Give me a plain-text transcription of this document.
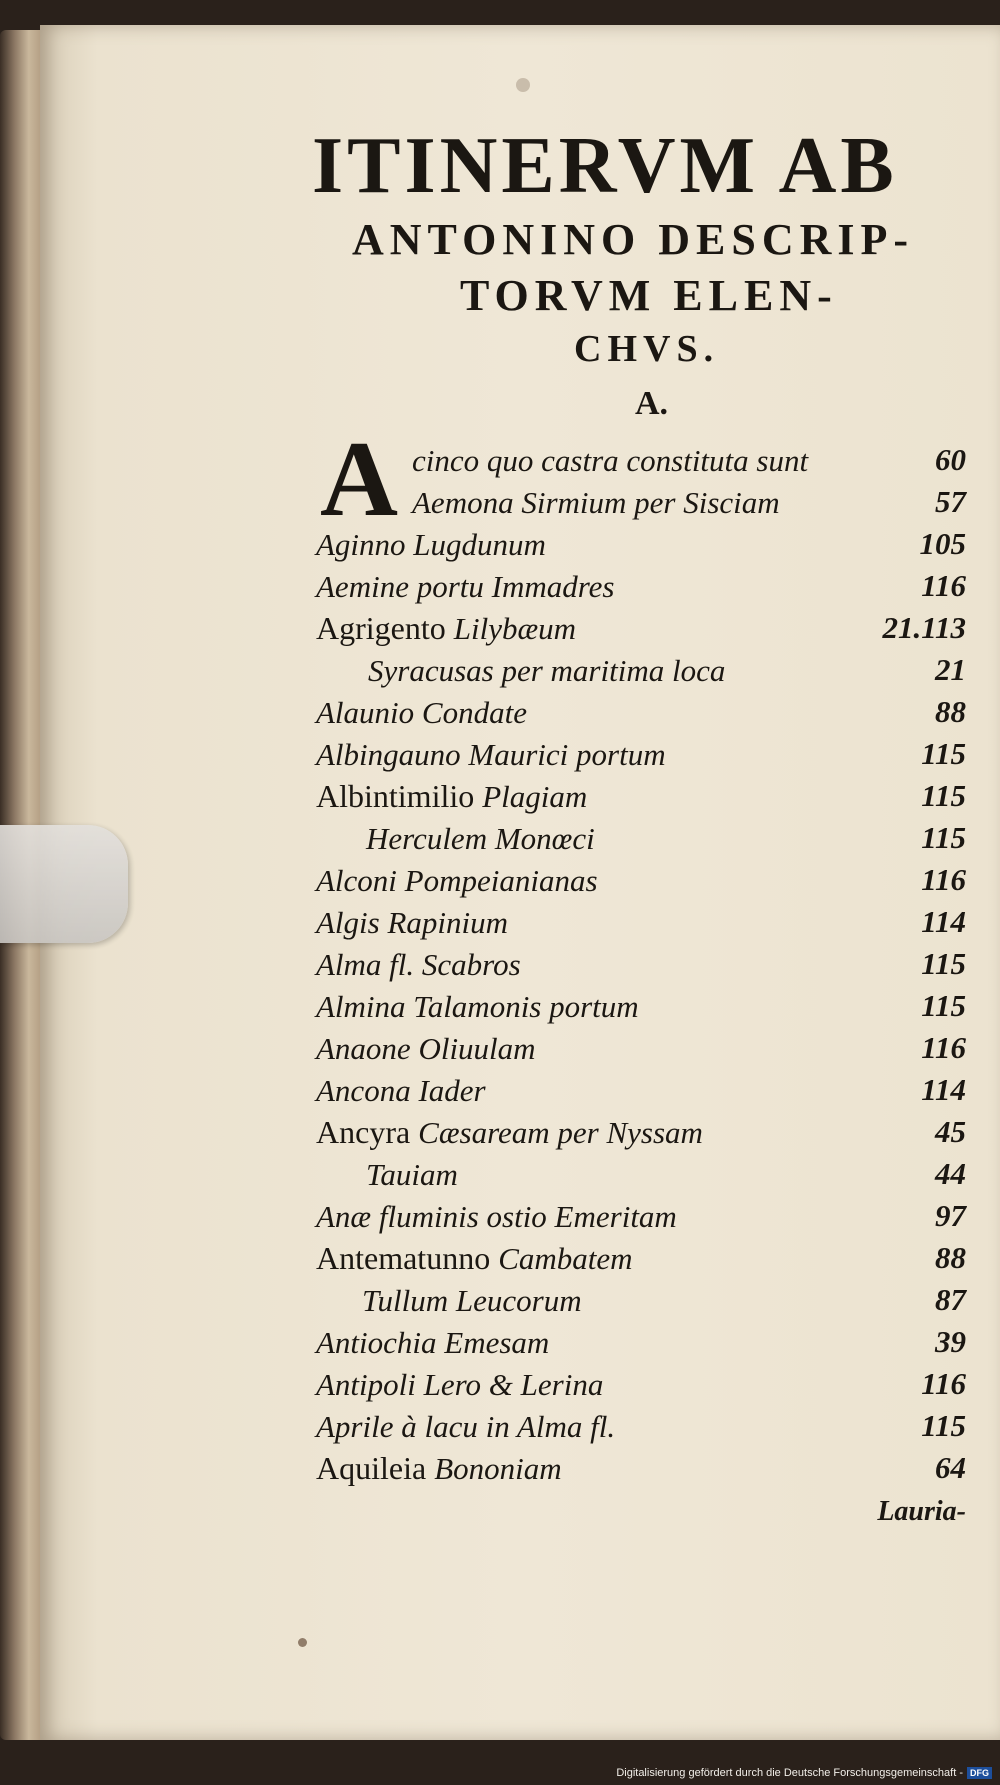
ITINERVM AB
ANTONINO DESCRIP-
TORVM ELEN-
CHVS.
A.
A cinco quo castra constituta sunt	60
Aemona Sirmium per Sisciam	57
Aginno Lugdunum	105
Aemine portu Immadres	116
Agrigento Lilybæum	21.113
Syracusas per maritima loca	21
Alaunio Condate	88
Albingauno Maurici portum	115
Albintimilio Plagiam	115
Herculem Monœci	115
Alconi Pompeianianas	116
Algis Rapinium	114
Alma fl. Scabros	115
Almina Talamonis portum	115
Anaone Oliuulam	116
Ancona Iader	114
Ancyra Cæsaream per Nyssam	45
Tauiam	44
Anæ fluminis ostio Emeritam	97
Antematunno Cambatem	88
Tullum Leucorum	87
Antiochia Emesam	39
Antipoli Lero & Lerina	116
Aprile à lacu in Alma fl.	115
Aquileia Bononiam	64
Lauria-
Digitalisierung gefördert durch die Deutsche Forschungsgemeinschaft - DFG
